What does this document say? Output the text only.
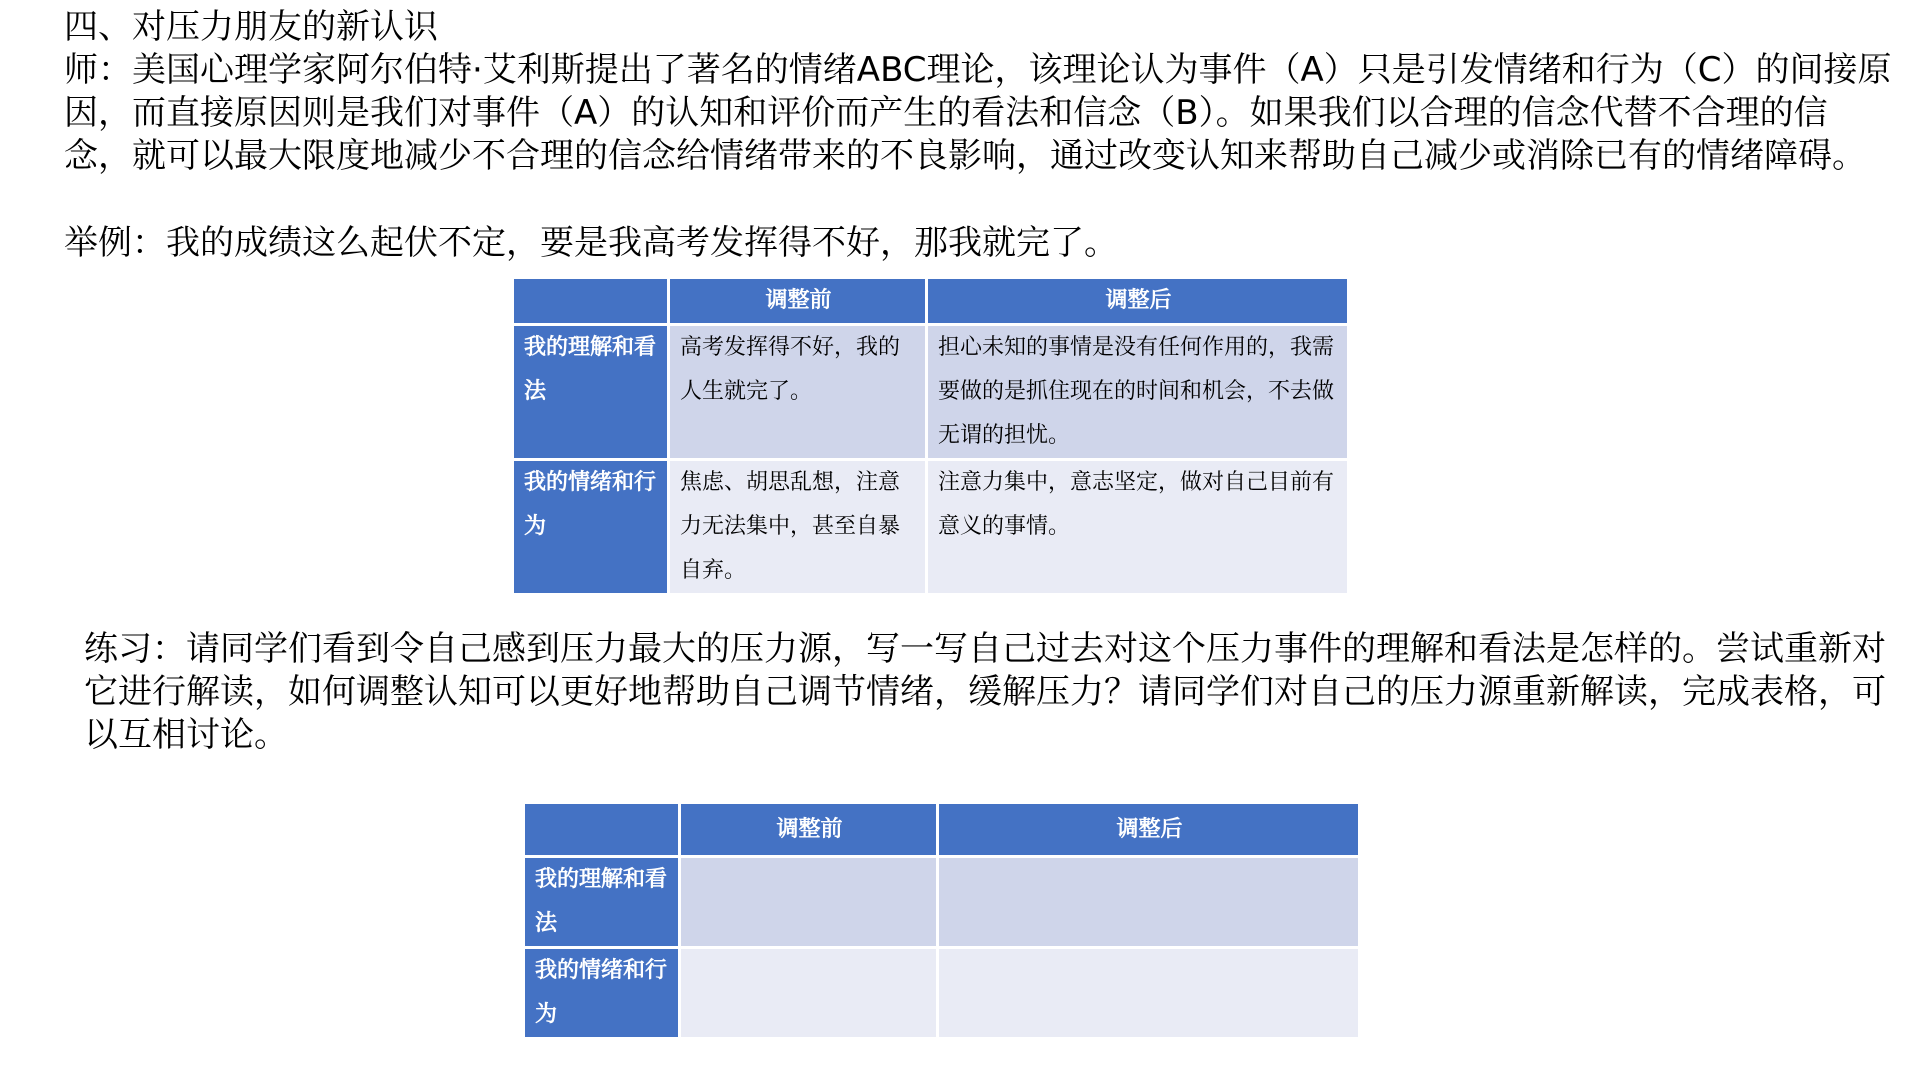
四、对压力朋友的新认识

师：美国心理学家阿尔伯特·艾利斯提出了著名的情绪ABC理论，该理论认为事件（A）只是引发情绪和行为（C）的间接原因，而直接原因则是我们对事件（A）的认知和评价而产生的看法和信念（B）。如果我们以合理的信念代替不合理的信念，就可以最大限度地减少不合理的信念给情绪带来的不良影响，通过改变认知来帮助自己减少或消除已有的情绪障碍。

举例：我的成绩这么起伏不定，要是我高考发挥得不好，那我就完了。

	调整前	调整后
我的理解和看法	高考发挥得不好，我的人生就完了。	担心未知的事情是没有任何作用的，我需要做的是抓住现在的时间和机会，不去做无谓的担忧。
我的情绪和行为	焦虑、胡思乱想，注意力无法集中，甚至自暴自弃。	注意力集中，意志坚定，做对自己目前有意义的事情。

练习：请同学们看到令自己感到压力最大的压力源，写一写自己过去对这个压力事件的理解和看法是怎样的。尝试重新对它进行解读，如何调整认知可以更好地帮助自己调节情绪，缓解压力？请同学们对自己的压力源重新解读，完成表格，可以互相讨论。

	调整前	调整后
我的理解和看法		
我的情绪和行为		
